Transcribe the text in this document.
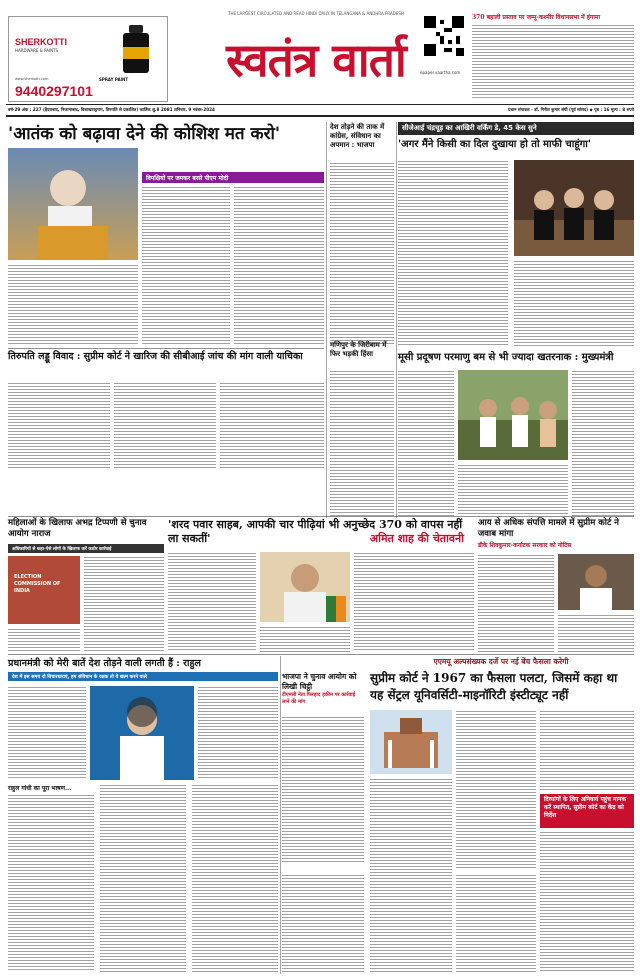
SHERKOTTI
HARDWARE & PAINTS
SPRAY PAINT
www.sherkotti.com
9440297101
THE LARGEST CIRCULATED AND READ HINDI DAILY IN TELANGANA & ANDHRA PRADESH
स्वतंत्र वार्ता	epaper.vaartha.com
370 बहाली प्रस्ताव पर जम्मू-कश्मीर विधानसभा में हंगामा
वर्ष-29 अंक : 227 (हैदराबाद, निजामाबाद, विशाखापट्टणम, तिरुपति से प्रकाशित) कार्तिक शु.8 2081 शनिवार, 9 नवंबर-2024	प्रधान संपादक - डॉ. गिरीश कुमार संघी (पूर्व सांसद) ◆ पृष्ठ : 16 मूल्य : 8 रुपये
'आतंक को बढ़ावा देने की कोशिश मत करो'
विपक्षियों पर जमकर बरसे पीएम मोदी
देश तोड़ने की ताक में कांग्रेस, संविधान का अपमान : भाजपा
सीजेआई चंद्रचूड़ का आखिरी वर्किंग डे, 45 केस सुने
'अगर मैंने किसी का दिल दुखाया हो तो माफी चाहूंगा'
तिरुपति लड्डू विवाद : सुप्रीम कोर्ट ने खारिज की सीबीआई जांच की मांग वाली याचिका
मणिपुर के जिरीबाम में फिर भड़की हिंसा	मूसी प्रदूषण परमाणु बम से भी ज्यादा खतरनाक : मुख्यमंत्री
महिलाओं के खिलाफ अभद्र टिप्पणी से चुनाव आयोग नाराज
अधिकारियों से कहा-ऐसे लोगों के खिलाफ करें कठोर कार्रवाई
ELECTION COMMISSION OF INDIA
'शरद पवार साहब, आपकी चार पीढ़ियां भी अनुच्छेद 370 को वापस नहीं ला सकतीं'	अमित शाह की चेतावनी
आय से अधिक संपत्ति मामले में सुप्रीम कोर्ट ने जवाब मांगा
डीके शिवकुमार-कर्नाटक सरकार को नोटिस
प्रधानमंत्री को मेरी बातें देश तोड़ने वाली लगती हैं : राहुल
देश में इस समय दो विचारधाराएं, हम संविधान के रक्षक तो वे खत्म करने वाले
राहुल गांधी का पूरा भाषण...
भाजपा ने चुनाव आयोग को लिखी चिट्ठी
टीएमसी नेता फिरहाद हकीम पर कार्रवाई लाने की मांग
एएमयू अल्पसंख्यक दर्जे पर नई बेंच फैसला करेगी
सुप्रीम कोर्ट ने 1967 का फैसला पलटा, जिसमें कहा था यह सेंट्रल यूनिवर्सिटी-माइनॉरिटी इंस्टीट्यूट नहीं
दिव्यांगों के लिए अनिवार्य पहुंच मानक करें स्थापित, सुप्रीम कोर्ट का केंद्र को निर्देश
